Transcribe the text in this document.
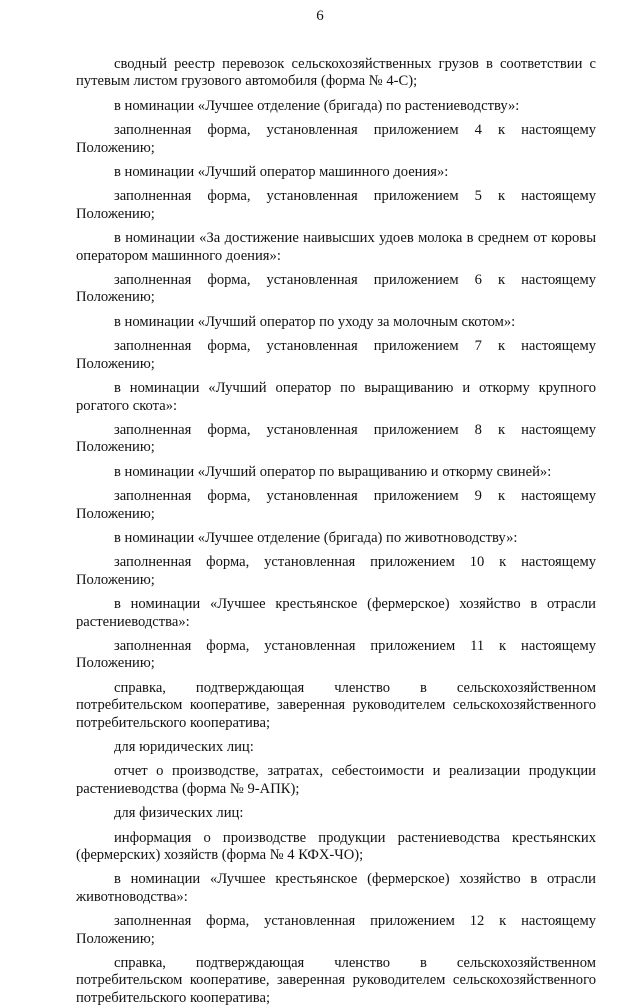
6

сводный реестр перевозок сельскохозяйственных грузов в соответствии с путевым листом грузового автомобиля (форма № 4-С);

в номинации «Лучшее отделение (бригада) по растениеводству»:

заполненная форма, установленная приложением 4 к настоящему Положению;

в номинации «Лучший оператор машинного доения»:

заполненная форма, установленная приложением 5 к настоящему Положению;

в номинации «За достижение наивысших удоев молока в среднем от коровы оператором машинного доения»:

заполненная форма, установленная приложением 6 к настоящему Положению;

в номинации «Лучший оператор по уходу за молочным скотом»:

заполненная форма, установленная приложением 7 к настоящему Положению;

в номинации «Лучший оператор по выращиванию и откорму крупного рогатого скота»:

заполненная форма, установленная приложением 8 к настоящему Положению;

в номинации «Лучший оператор по выращиванию и откорму свиней»:

заполненная форма, установленная приложением 9 к настоящему Положению;

в номинации «Лучшее отделение (бригада) по животноводству»:

заполненная форма, установленная приложением 10 к настоящему Положению;

в номинации «Лучшее крестьянское (фермерское) хозяйство в отрасли растениеводства»:

заполненная форма, установленная приложением 11 к настоящему Положению;

справка, подтверждающая членство в сельскохозяйственном потребительском кооперативе, заверенная руководителем сельскохозяйственного потребительского кооператива;

для юридических лиц:

отчет о производстве, затратах, себестоимости и реализации продукции растениеводства (форма № 9-АПК);

для физических лиц:

информация о производстве продукции растениеводства крестьянских (фермерских) хозяйств (форма № 4 КФХ-ЧО);

в номинации «Лучшее крестьянское (фермерское) хозяйство в отрасли животноводства»:

заполненная форма, установленная приложением 12 к настоящему Положению;

справка, подтверждающая членство в сельскохозяйственном потребительском кооперативе, заверенная руководителем сельскохозяйственного потребительского кооператива;
